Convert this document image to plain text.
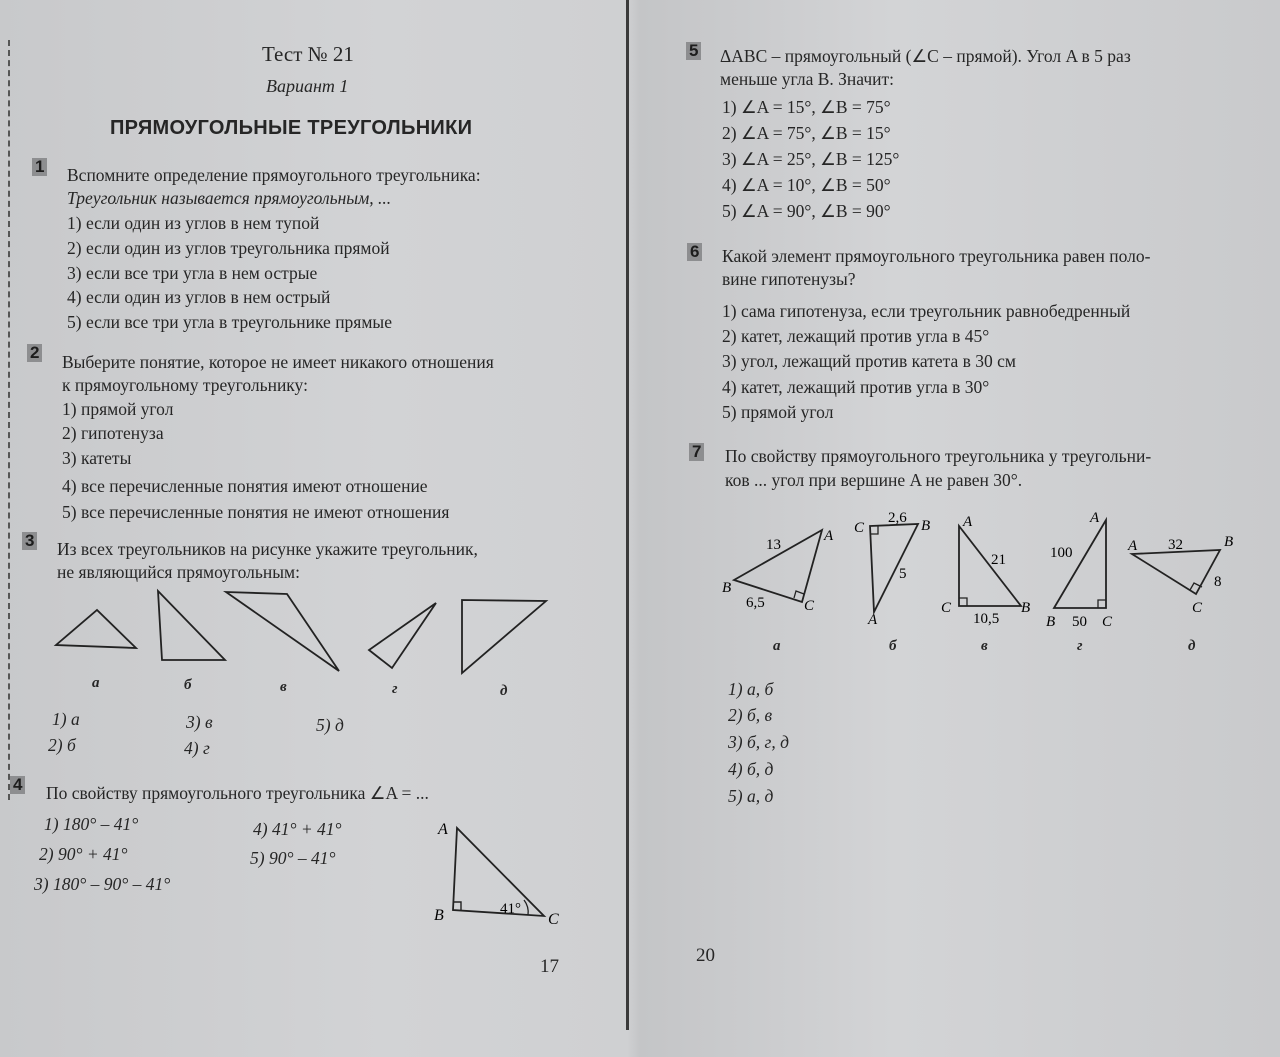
Тест № 21
Вариант 1
ПРЯМОУГОЛЬНЫЕ ТРЕУГОЛЬНИКИ
1 Вспомните определение прямоугольного треугольника:
Треугольник называется прямоугольным, ...
1) если один из углов в нем тупой
2) если один из углов треугольника прямой
3) если все три угла в нем острые
4) если один из углов в нем острый
5) если все три угла в треугольнике прямые
2 Выберите понятие, которое не имеет никакого отношения
к прямоугольному треугольнику:
1) прямой угол
2) гипотенуза
3) катеты
4) все перечисленные понятия имеют отношение
5) все перечисленные понятия не имеют отношения
3 Из всех треугольников на рисунке укажите треугольник,
не являющийся прямоугольным:
а	б	в	г	д
1) а
2) б
3) в
4) г
5) д
4 По свойству прямоугольного треугольника ∠A = ...
1) 180° – 41°
2) 90° + 41°
3) 180° – 90° – 41°
4) 41° + 41°
5) 90° – 41°
A
B	C
41°
17
5 ΔABC – прямоугольный (∠C – прямой). Угол A в 5 раз
меньше угла B. Значит:
1) ∠A = 15°, ∠B = 75°
2) ∠A = 75°, ∠B = 15°
3) ∠A = 25°, ∠B = 125°
4) ∠A = 10°, ∠B = 50°
5) ∠A = 90°, ∠B = 90°
6 Какой элемент прямоугольного треугольника равен поло-
вине гипотенузы?
1) сама гипотенуза, если треугольник равнобедренный
2) катет, лежащий против угла в 45°
3) угол, лежащий против катета в 30 см
4) катет, лежащий против угла в 30°
5) прямой угол
7 По свойству прямоугольного треугольника у треугольни-
ков ... угол при вершине A не равен 30°.
A
B
C
13
6,5
C	B
A
2,6
5
A
C	B
21
10,5
A
B	C
100
50
A	B
C
32
8
а	б	в	г	д
1) а, б
2) б, в
3) б, г, д
4) б, д
5) а, д
20
